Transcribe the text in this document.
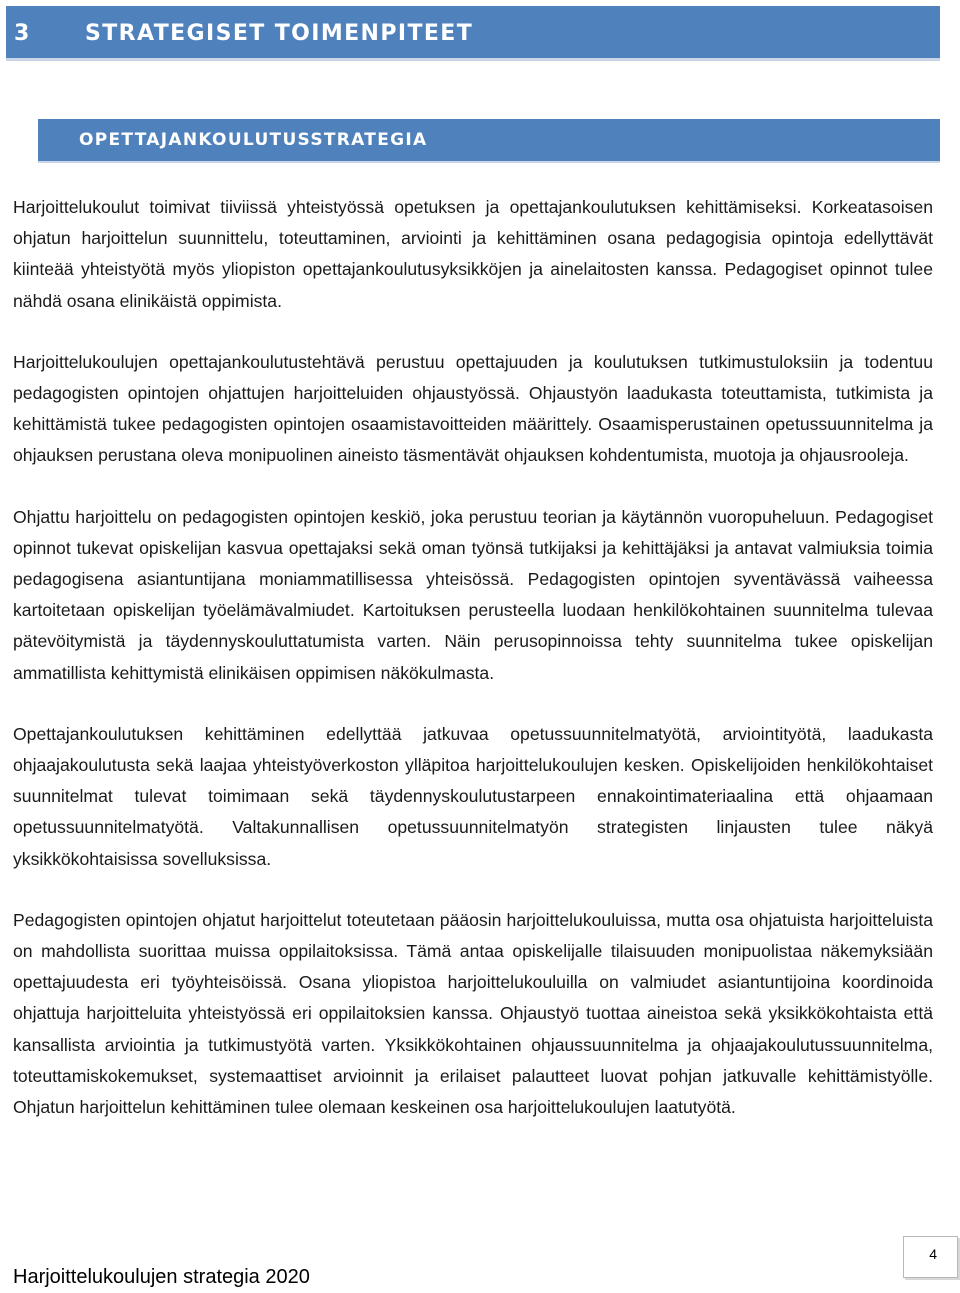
3	STRATEGISET TOIMENPITEET
OPETTAJANKOULUTUSSTRATEGIA

Harjoittelukoulut toimivat tiiviissä yhteistyössä opetuksen ja opettajankoulutuksen kehittämiseksi. Korkeatasoisen ohjatun harjoittelun suunnittelu, toteuttaminen, arviointi ja kehittäminen osana pedagogisia opintoja edellyttävät kiinteää yhteistyötä myös yliopiston opettajankoulutusyksikköjen ja ainelaitosten kanssa. Pedagogiset opinnot tulee nähdä osana elinikäistä oppimista.

Harjoittelukoulujen opettajankoulutustehtävä perustuu opettajuuden ja koulutuksen tutkimustuloksiin ja todentuu pedagogisten opintojen ohjattujen harjoitteluiden ohjaustyössä. Ohjaustyön laadukasta toteuttamista, tutkimista ja kehittämistä tukee pedagogisten opintojen osaamistavoitteiden määrittely. Osaamisperustainen opetussuunnitelma ja ohjauksen perustana oleva monipuolinen aineisto täsmentävät ohjauksen kohdentumista, muotoja ja ohjausrooleja.

Ohjattu harjoittelu on pedagogisten opintojen keskiö, joka perustuu teorian ja käytännön vuoropuheluun. Pedagogiset opinnot tukevat opiskelijan kasvua opettajaksi sekä oman työnsä tutkijaksi ja kehittäjäksi ja antavat valmiuksia toimia pedagogisena asiantuntijana moniammatillisessa yhteisössä. Pedagogisten opintojen syventävässä vaiheessa kartoitetaan opiskelijan työelämävalmiudet. Kartoituksen perusteella luodaan henkilökohtainen suunnitelma tulevaa pätevöitymistä ja täydennyskouluttatumista varten. Näin perusopinnoissa tehty suunnitelma tukee opiskelijan ammatillista kehittymistä elinikäisen oppimisen näkökulmasta.

Opettajankoulutuksen kehittäminen edellyttää jatkuvaa opetussuunnitelmatyötä, arviointityötä, laadukasta ohjaajakoulutusta sekä laajaa yhteistyöverkoston ylläpitoa harjoittelukoulujen kesken. Opiskelijoiden henkilökohtaiset suunnitelmat tulevat toimimaan sekä täydennyskoulutustarpeen ennakointimateriaalina että ohjaamaan opetussuunnitelmatyötä. Valtakunnallisen opetussuunnitelmatyön strategisten linjausten tulee näkyä yksikkökohtaisissa sovelluksissa.

Pedagogisten opintojen ohjatut harjoittelut toteutetaan pääosin harjoittelukouluissa, mutta osa ohjatuista harjoitteluista on mahdollista suorittaa muissa oppilaitoksissa. Tämä antaa opiskelijalle tilaisuuden monipuolistaa näkemyksiään opettajuudesta eri työyhteisöissä. Osana yliopistoa harjoittelukouluilla on valmiudet asiantuntijoina koordinoida ohjattuja harjoitteluita yhteistyössä eri oppilaitoksien kanssa. Ohjaustyö tuottaa aineistoa sekä yksikkökohtaista että kansallista arviointia ja tutkimustyötä varten. Yksikkökohtainen ohjaussuunnitelma ja ohjaajakoulutussuunnitelma, toteuttamiskokemukset, systemaattiset arvioinnit ja erilaiset palautteet luovat pohjan jatkuvalle kehittämistyölle. Ohjatun harjoittelun kehittäminen tulee olemaan keskeinen osa harjoittelukoulujen laatutyötä.

Harjoittelukoulujen strategia 2020
4
